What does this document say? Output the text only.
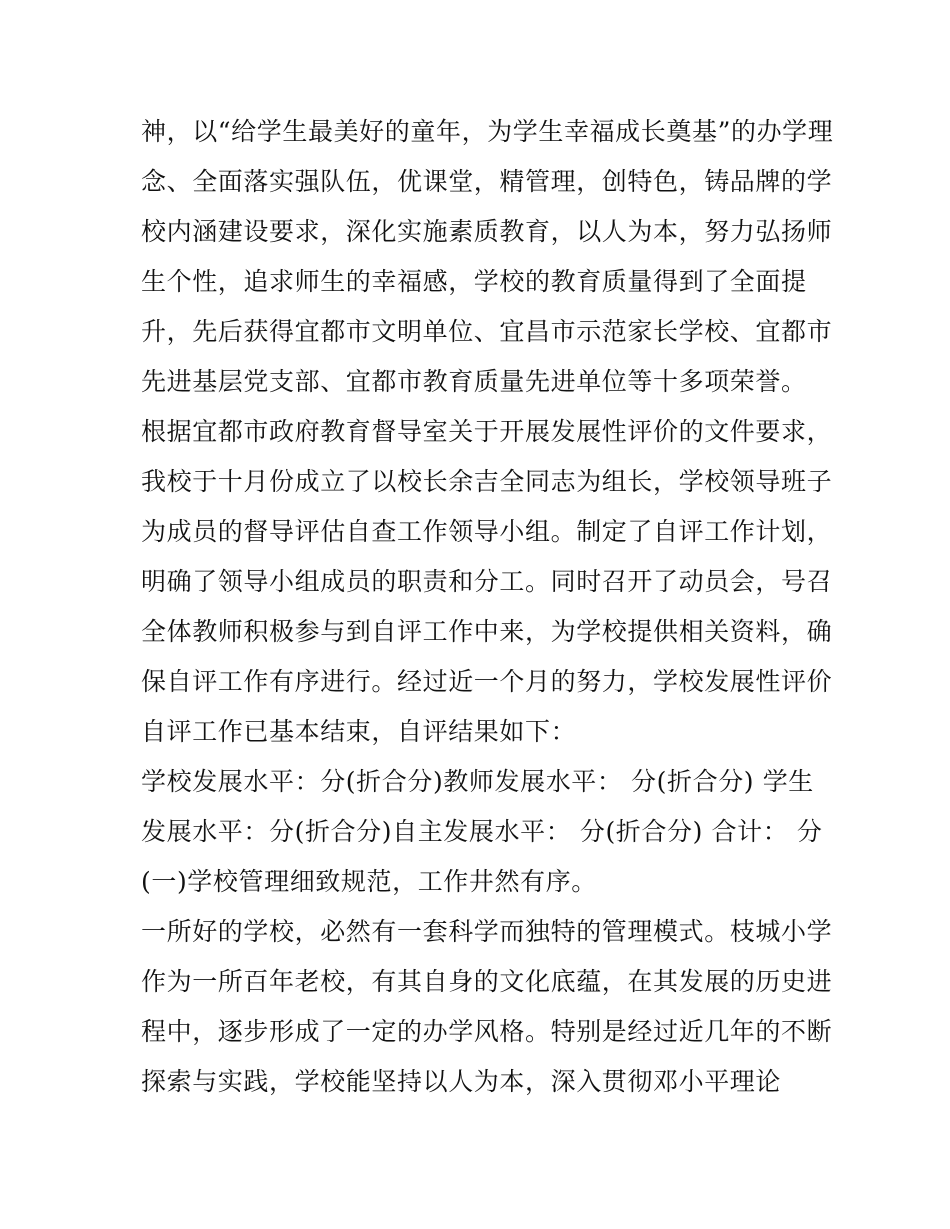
神，以“给学生最美好的童年，为学生幸福成长奠基”的办学理
念、全面落实强队伍，优课堂，精管理，创特色，铸品牌的学
校内涵建设要求，深化实施素质教育，以人为本，努力弘扬师
生个性，追求师生的幸福感，学校的教育质量得到了全面提
升，先后获得宜都市文明单位、宜昌市示范家长学校、宜都市
先进基层党支部、宜都市教育质量先进单位等十多项荣誉。
根据宜都市政府教育督导室关于开展发展性评价的文件要求，
我校于十月份成立了以校长余吉全同志为组长，学校领导班子
为成员的督导评估自查工作领导小组。制定了自评工作计划，
明确了领导小组成员的职责和分工。同时召开了动员会，号召
全体教师积极参与到自评工作中来，为学校提供相关资料，确
保自评工作有序进行。经过近一个月的努力，学校发展性评价
自评工作已基本结束，自评结果如下：
学校发展水平：分(折合分)教师发展水平： 分(折合分) 学生
发展水平：分(折合分)自主发展水平： 分(折合分) 合计： 分
(一)学校管理细致规范，工作井然有序。
一所好的学校，必然有一套科学而独特的管理模式。枝城小学
作为一所百年老校，有其自身的文化底蕴，在其发展的历史进
程中，逐步形成了一定的办学风格。特别是经过近几年的不断
探索与实践，学校能坚持以人为本，深入贯彻邓小平理论
